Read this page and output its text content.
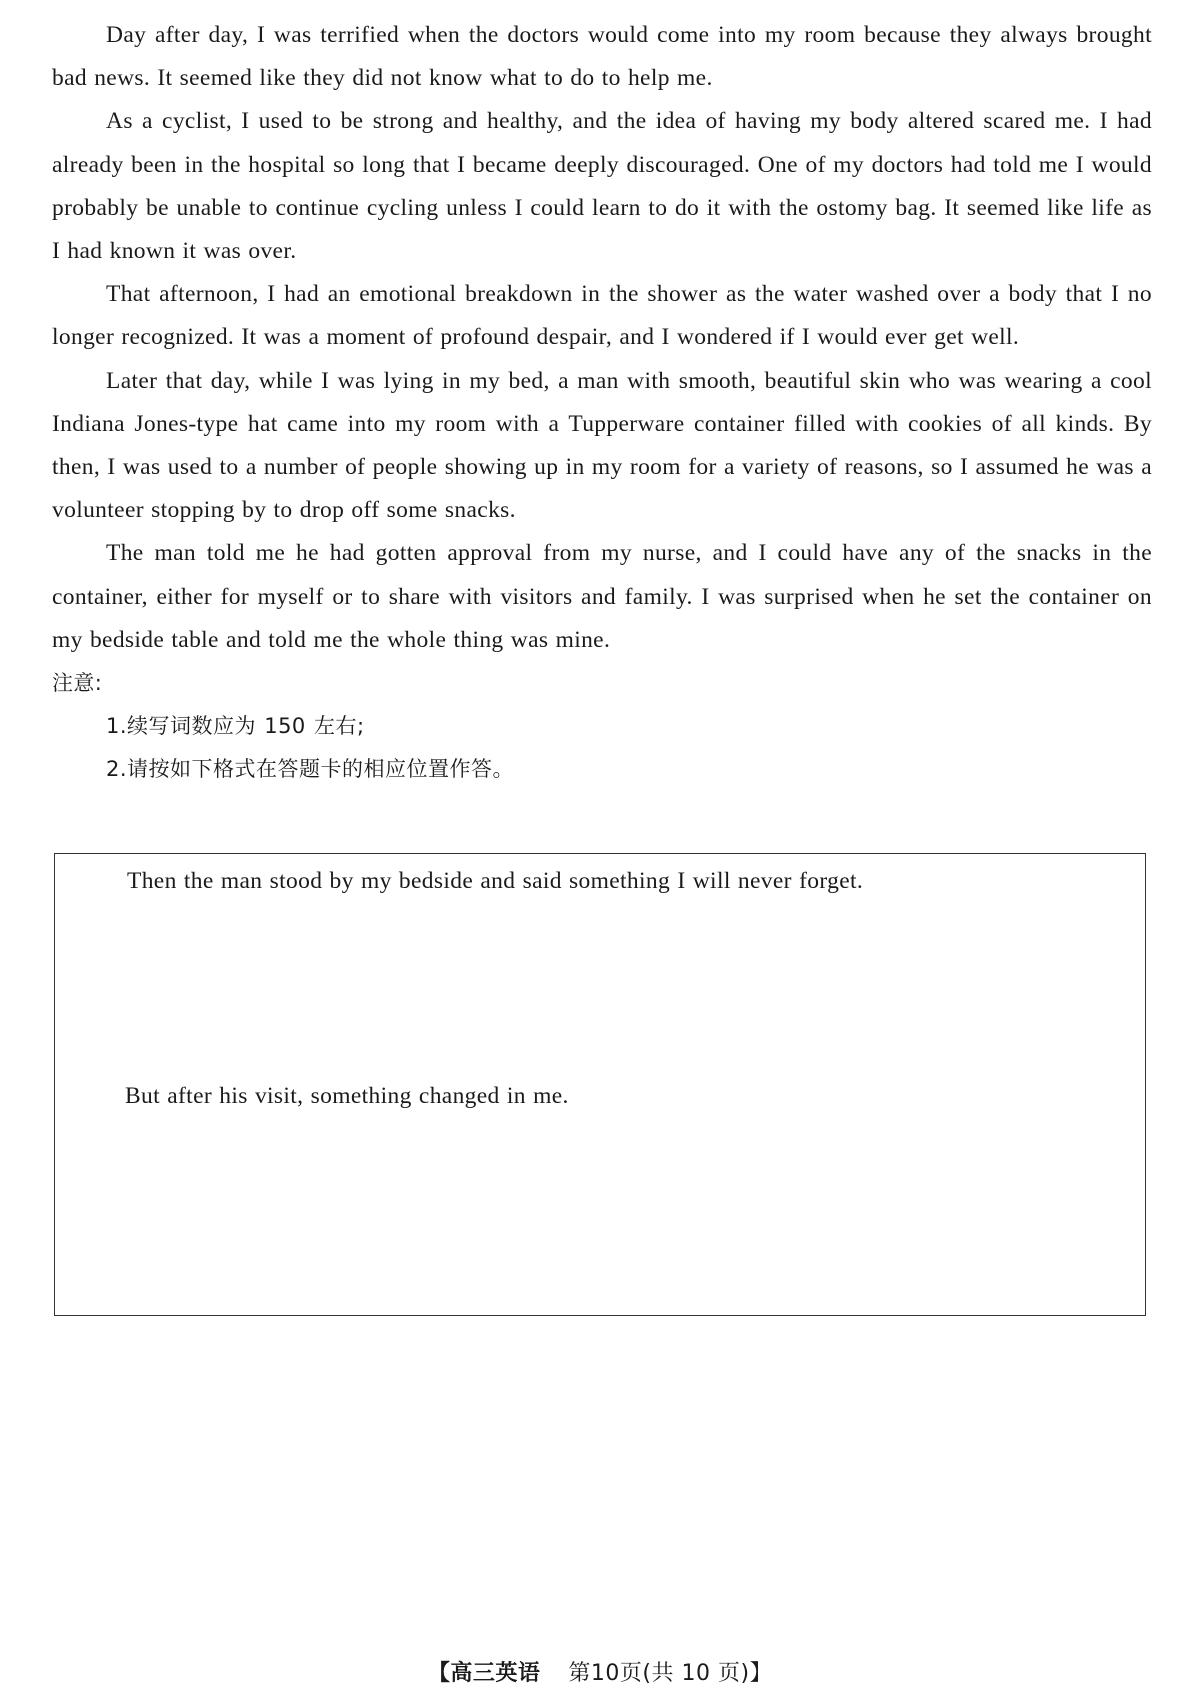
Day after day, I was terrified when the doctors would come into my room because they always brought bad news. It seemed like they did not know what to do to help me.

As a cyclist, I used to be strong and healthy, and the idea of having my body altered scared me. I had already been in the hospital so long that I became deeply discouraged. One of my doctors had told me I would probably be unable to continue cycling unless I could learn to do it with the ostomy bag. It seemed like life as I had known it was over.

That afternoon, I had an emotional breakdown in the shower as the water washed over a body that I no longer recognized. It was a moment of profound despair, and I wondered if I would ever get well.

Later that day, while I was lying in my bed, a man with smooth, beautiful skin who was wearing a cool Indiana Jones-type hat came into my room with a Tupperware container filled with cookies of all kinds. By then, I was used to a number of people showing up in my room for a variety of reasons, so I assumed he was a volunteer stopping by to drop off some snacks.

The man told me he had gotten approval from my nurse, and I could have any of the snacks in the container, either for myself or to share with visitors and family. I was surprised when he set the container on my bedside table and told me the whole thing was mine.

注意:

1.续写词数应为 150 左右;

2.请按如下格式在答题卡的相应位置作答。

Then the man stood by my bedside and said something I will never forget.
But after his visit, something changed in me.
【高三英语 第10页(共 10 页)】
